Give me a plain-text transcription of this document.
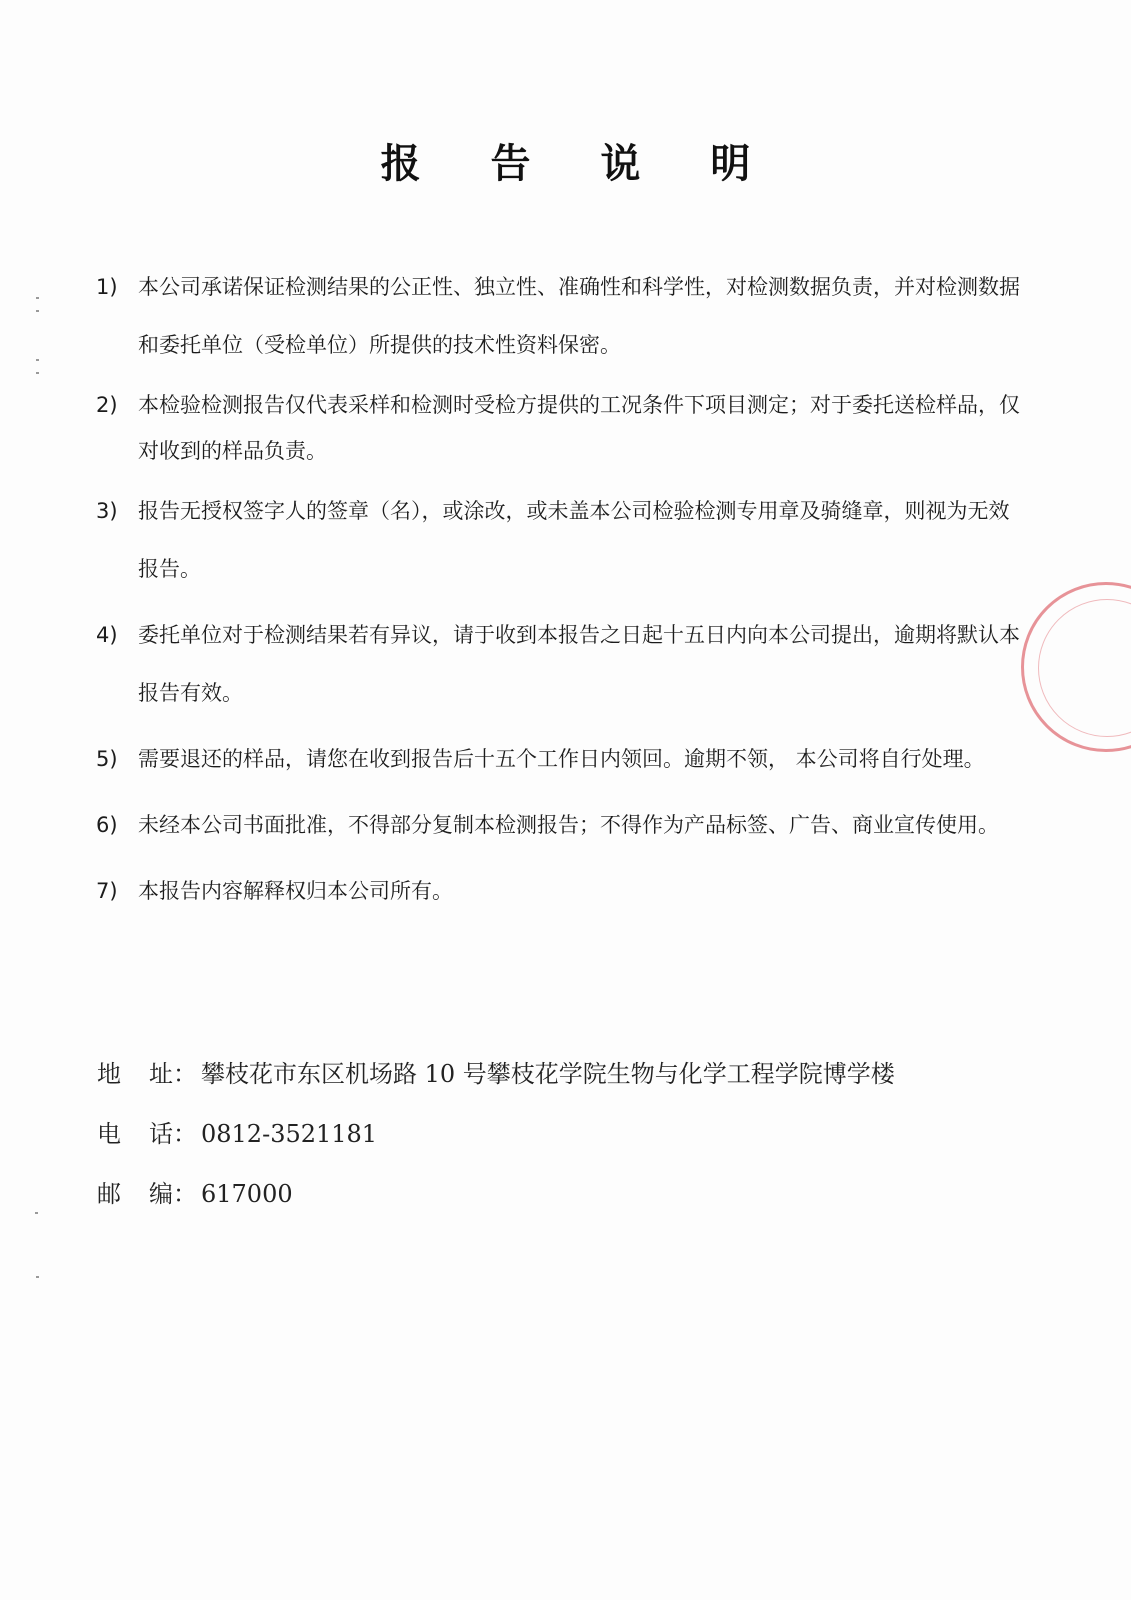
报 告 说 明
1) 本公司承诺保证检测结果的公正性、独立性、准确性和科学性，对检测数据负责，并对检测数据和委托单位（受检单位）所提供的技术性资料保密。
2) 本检验检测报告仅代表采样和检测时受检方提供的工况条件下项目测定；对于委托送检样品，仅对收到的样品负责。
3) 报告无授权签字人的签章（名），或涂改，或未盖本公司检验检测专用章及骑缝章，则视为无效报告。
4) 委托单位对于检测结果若有异议，请于收到本报告之日起十五日内向本公司提出，逾期将默认本报告有效。
5) 需要退还的样品，请您在收到报告后十五个工作日内领回。逾期不领， 本公司将自行处理。
6) 未经本公司书面批准，不得部分复制本检测报告；不得作为产品标签、广告、商业宣传使用。
7) 本报告内容解释权归本公司所有。
地 址： 攀枝花市东区机场路 10 号攀枝花学院生物与化学工程学院博学楼
电 话： 0812-3521181
邮 编： 617000
